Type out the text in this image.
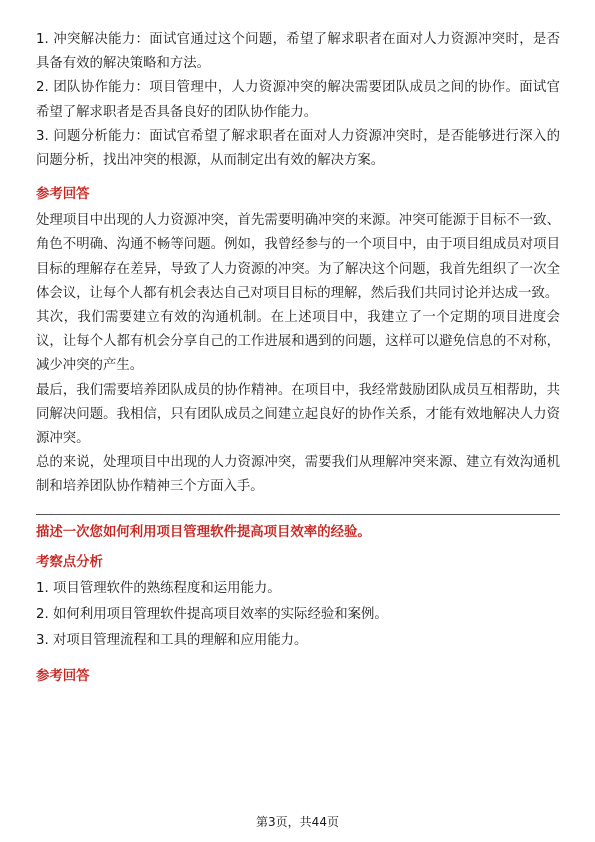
1. 冲突解决能力：面试官通过这个问题，希望了解求职者在面对人力资源冲突时，是否具备有效的解决策略和方法。

2. 团队协作能力：项目管理中，人力资源冲突的解决需要团队成员之间的协作。面试官希望了解求职者是否具备良好的团队协作能力。

3. 问题分析能力：面试官希望了解求职者在面对人力资源冲突时，是否能够进行深入的问题分析，找出冲突的根源，从而制定出有效的解决方案。

参考回答

处理项目中出现的人力资源冲突，首先需要明确冲突的来源。冲突可能源于目标不一致、角色不明确、沟通不畅等问题。例如，我曾经参与的一个项目中，由于项目组成员对项目目标的理解存在差异，导致了人力资源的冲突。为了解决这个问题，我首先组织了一次全体会议，让每个人都有机会表达自己对项目目标的理解，然后我们共同讨论并达成一致。

其次，我们需要建立有效的沟通机制。在上述项目中，我建立了一个定期的项目进度会议，让每个人都有机会分享自己的工作进展和遇到的问题，这样可以避免信息的不对称，减少冲突的产生。

最后，我们需要培养团队成员的协作精神。在项目中，我经常鼓励团队成员互相帮助，共同解决问题。我相信，只有团队成员之间建立起良好的协作关系，才能有效地解决人力资源冲突。

总的来说，处理项目中出现的人力资源冲突，需要我们从理解冲突来源、建立有效沟通机制和培养团队协作精神三个方面入手。

描述一次您如何利用项目管理软件提高项目效率的经验。
考察点分析
1. 项目管理软件的熟练程度和运用能力。
2. 如何利用项目管理软件提高项目效率的实际经验和案例。
3. 对项目管理流程和工具的理解和应用能力。
参考回答
第3页，共44页
